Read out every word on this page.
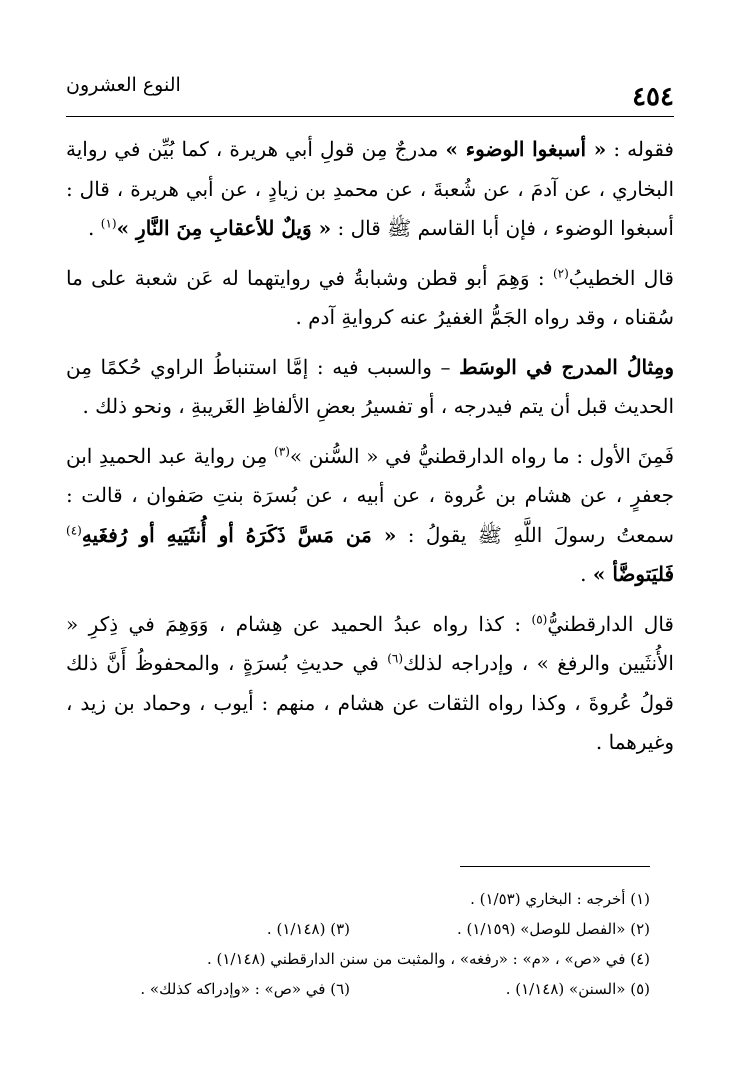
٤٥٤
النوع العشرون

فقوله : « أسبغوا الوضوء » مدرجٌ مِن قولِ أبي هريرة ، كما بُيِّن في رواية البخاري ، عن آدمَ ، عن شُعبةَ ، عن محمدِ بن زيادٍ ، عن أبي هريرة ، قال : أسبغوا الوضوء ، فإن أبا القاسم ﷺ قال : « وَيلٌ للأعقابِ مِنَ النَّارِ »$^{(١)}$ .

قال الخطيبُ$^{(٢)}$ : وَهِمَ أبو قطن وشبابةُ في روايتهما له عَن شعبة على ما سُقناه ، وقد رواه الجَمُّ الغفيرُ عنه كروايةِ آدم .

ومِثالُ المدرج في الوسَط – والسبب فيه : إمَّا استنباطُ الراوي حُكمًا مِن الحديث قبل أن يتم فيدرجه ، أو تفسيرُ بعضِ الألفاظِ الغَريبةِ ، ونحو ذلك .

فَمِنَ الأول : ما رواه الدارقطنيُّ في « السُّنن »$^{(٣)}$ مِن رواية عبد الحميدِ ابن جعفرٍ ، عن هشام بن عُروة ، عن أبيه ، عن بُسرَة بنتِ صَفوان ، قالت : سمعتُ رسولَ اللَّهِ ﷺ يقولُ : « مَن مَسَّ ذَكَرَهُ أو أُنثَيَيهِ أو رُفغَيهِ$^{(٤)}$ فَليَتوضَّأ » .

قال الدارقطنيُّ$^{(٥)}$ : كذا رواه عبدُ الحميد عن هِشام ، وَوَهِمَ في ذِكرِ « الأُنثَيين والرفغ » ، وإدراجه لذلك$^{(٦)}$ في حديثِ بُسرَةٍ ، والمحفوظُ أَنَّ ذلك قولُ عُروةَ ، وكذا رواه الثقات عن هشام ، منهم : أيوب ، وحماد بن زيد ، وغيرهما .

(١) أخرجه : البخاري (١/٥٣) .
(٢) «الفصل للوصل» (١/١٥٩) .
(٣) (١/١٤٨) .
(٤) في «ص» ، «م» : «رفغه» ، والمثبت من سنن الدارقطني (١/١٤٨) .
(٥) «السنن» (١/١٤٨) .
(٦) في «ص» : «وإدراكه كذلك» .
